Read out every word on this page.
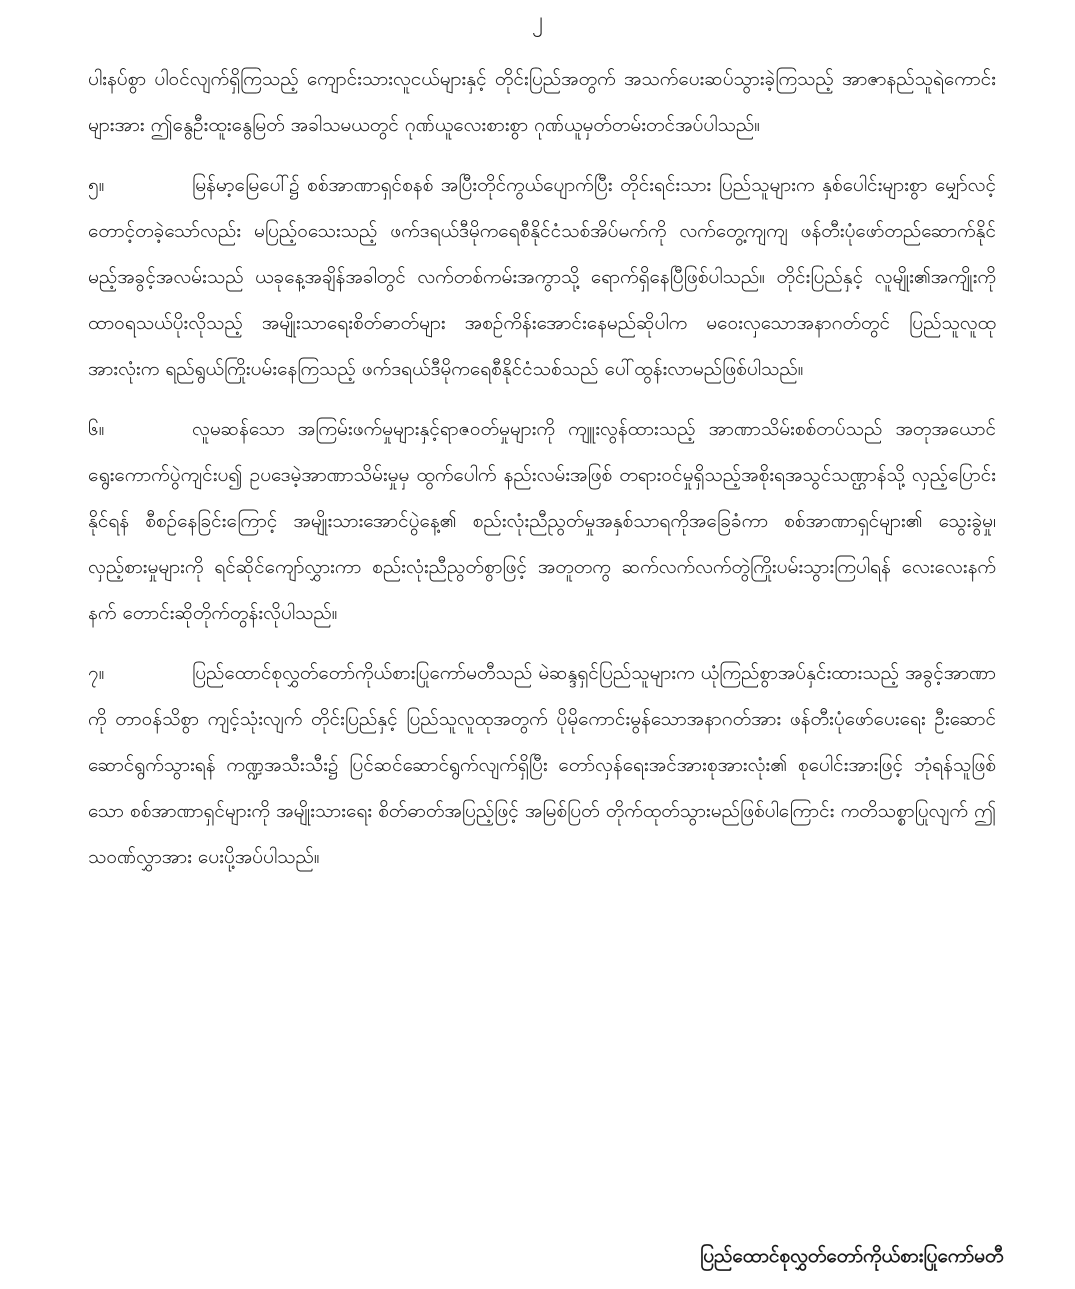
၂

ပါးနပ်စွာ ပါဝင်လျက်ရှိကြသည့် ကျောင်းသားလူငယ်များနှင့် တိုင်းပြည်အတွက် အသက်ပေးဆပ်သွားခဲ့ကြသည့် အာဇာနည်သူရဲကောင်းများအား ဤနွေဦးထူးနွေမြတ် အခါသမယတွင် ဂုဏ်ယူလေးစားစွာ ဂုဏ်ယူမှတ်တမ်းတင်အပ်ပါသည်။

၅။	မြန်မာ့မြေပေါ်၌ စစ်အာဏာရှင်စနစ် အပြီးတိုင်ကွယ်ပျောက်ပြီး တိုင်းရင်းသား ပြည်သူများက နှစ်ပေါင်းများစွာ မျှော်လင့်တောင့်တခဲ့သော်လည်း မပြည့်ဝသေးသည့် ဖက်ဒရယ်ဒီမိုကရေစီနိုင်ငံသစ်အိပ်မက်ကို လက်တွေ့ကျကျ ဖန်တီးပုံဖော်တည်ဆောက်နိုင်မည့်အခွင့်အလမ်းသည် ယခုနေ့အချိန်အခါတွင် လက်တစ်ကမ်းအကွာသို့ ရောက်ရှိနေပြီဖြစ်ပါသည်။ တိုင်းပြည်နှင့် လူမျိုး၏အကျိုးကို ထာဝရသယ်ပိုးလိုသည့် အမျိုးသာရေးစိတ်ဓာတ်များ အစဉ်ကိန်းအောင်းနေမည်ဆိုပါက မဝေးလှသောအနာဂတ်တွင် ပြည်သူလူထုအားလုံးက ရည်ရွယ်ကြိုးပမ်းနေကြသည့် ဖက်ဒရယ်ဒီမိုကရေစီနိုင်ငံသစ်သည် ပေါ်ထွန်းလာမည်ဖြစ်ပါသည်။

၆။	လူမဆန်သော အကြမ်းဖက်မှုများနှင့်ရာဇဝတ်မှုများကို ကျူးလွန်ထားသည့် အာဏာသိမ်းစစ်တပ်သည် အတုအယောင်ရွေးကောက်ပွဲကျင်းပ၍ ဥပဒေမဲ့အာဏာသိမ်းမှုမှ ထွက်ပေါက် နည်းလမ်းအဖြစ် တရားဝင်မှုရှိသည့်အစိုးရအသွင်သဏ္ဌာန်သို့ လှည့်ပြောင်းနိုင်ရန် စီစဉ်နေခြင်းကြောင့် အမျိုးသားအောင်ပွဲနေ့၏ စည်းလုံးညီညွတ်မှုအနှစ်သာရကိုအခြေခံကာ စစ်အာဏာရှင်များ၏ သွေးခွဲမှု၊ လှည့်စားမှုများကို ရင်ဆိုင်ကျော်လွှားကာ စည်းလုံးညီညွတ်စွာဖြင့် အတူတကွ ဆက်လက်လက်တွဲကြိုးပမ်းသွားကြပါရန် လေးလေးနက်နက် တောင်းဆိုတိုက်တွန်းလိုပါသည်။

၇။	ပြည်ထောင်စုလွှတ်တော်ကိုယ်စားပြုကော်မတီသည် မဲဆန္ဒရှင်ပြည်သူများက ယုံကြည်စွာအပ်နှင်းထားသည့် အခွင့်အာဏာကို တာဝန်သိစွာ ကျင့်သုံးလျက် တိုင်းပြည်နှင့် ပြည်သူလူထုအတွက် ပိုမိုကောင်းမွန်သောအနာဂတ်အား ဖန်တီးပုံဖော်ပေးရေး ဦးဆောင် ဆောင်ရွက်သွားရန် ကဏ္ဍအသီးသီး၌ ပြင်ဆင်ဆောင်ရွက်လျက်ရှိပြီး တော်လှန်ရေးအင်အားစုအားလုံး၏ စုပေါင်းအားဖြင့် ဘုံရန်သူဖြစ်သော စစ်အာဏာရှင်များကို အမျိုးသားရေး စိတ်ဓာတ်အပြည့်ဖြင့် အမြစ်ပြတ် တိုက်ထုတ်သွားမည်ဖြစ်ပါကြောင်း ကတိသစ္စာပြုလျက် ဤသဝဏ်လွှာအား ပေးပို့အပ်ပါသည်။

ပြည်ထောင်စုလွှတ်တော်ကိုယ်စားပြုကော်မတီ
